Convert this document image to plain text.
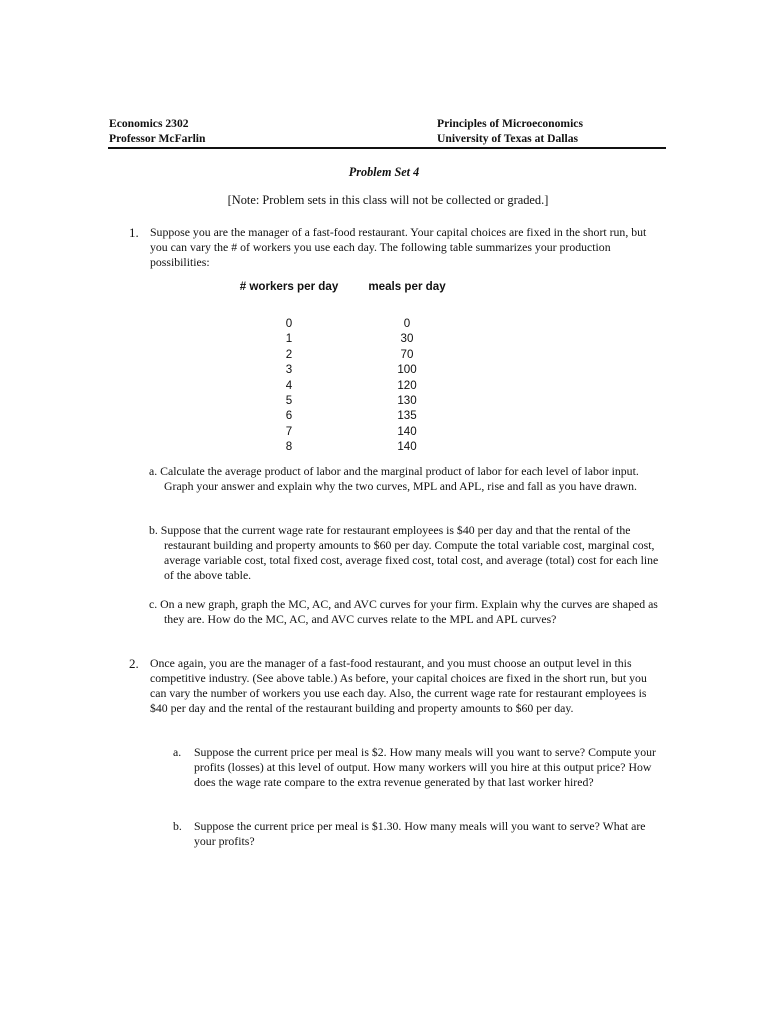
Economics 2302
Professor McFarlin
Principles of Microeconomics
University of Texas at Dallas
Problem Set 4
[Note: Problem sets in this class will not be collected or graded.]
1. Suppose you are the manager of a fast-food restaurant. Your capital choices are fixed in the short run, but you can vary the # of workers you use each day. The following table summarizes your production possibilities:
# workers per day	meals per day
0	0
1	30
2	70
3	100
4	120
5	130
6	135
7	140
8	140
a. Calculate the average product of labor and the marginal product of labor for each level of labor input. Graph your answer and explain why the two curves, MPL and APL, rise and fall as you have drawn.
b. Suppose that the current wage rate for restaurant employees is $40 per day and that the rental of the restaurant building and property amounts to $60 per day. Compute the total variable cost, marginal cost, average variable cost, total fixed cost, average fixed cost, total cost, and average (total) cost for each line of the above table.
c. On a new graph, graph the MC, AC, and AVC curves for your firm. Explain why the curves are shaped as they are. How do the MC, AC, and AVC curves relate to the MPL and APL curves?
2. Once again, you are the manager of a fast-food restaurant, and you must choose an output level in this competitive industry. (See above table.) As before, your capital choices are fixed in the short run, but you can vary the number of workers you use each day. Also, the current wage rate for restaurant employees is $40 per day and the rental of the restaurant building and property amounts to $60 per day.
a. Suppose the current price per meal is $2. How many meals will you want to serve? Compute your profits (losses) at this level of output. How many workers will you hire at this output price? How does the wage rate compare to the extra revenue generated by that last worker hired?
b. Suppose the current price per meal is $1.30. How many meals will you want to serve? What are your profits?
